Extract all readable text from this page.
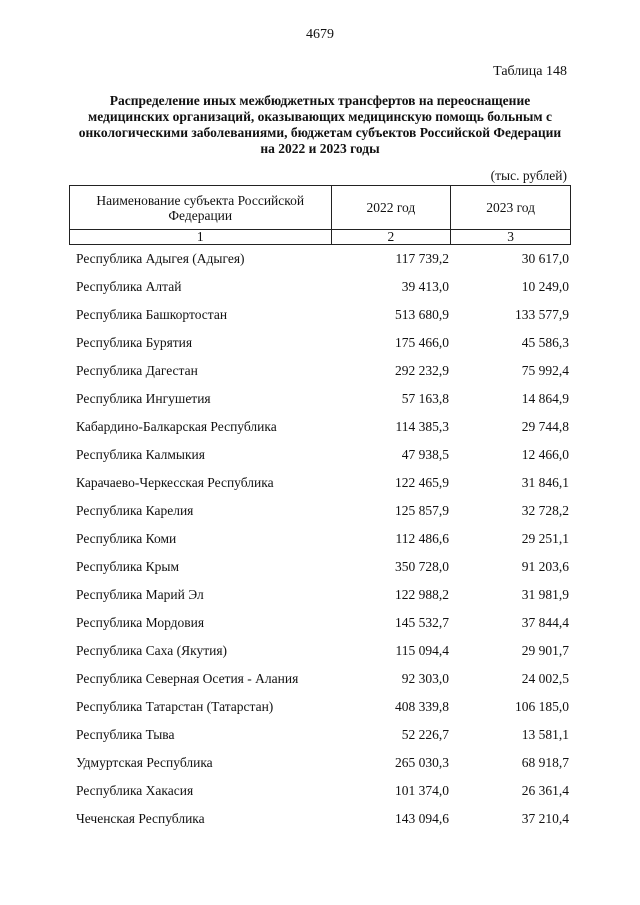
4679
Таблица 148
Распределение иных межбюджетных трансфертов на переоснащение медицинских организаций, оказывающих медицинскую помощь больным с онкологическими заболеваниями, бюджетам субъектов Российской Федерации на 2022 и 2023 годы
(тыс. рублей)
Наименование субъекта Российской Федерации	2022 год	2023 год
1	2	3
Республика Адыгея (Адыгея)	117 739,2	30 617,0
Республика Алтай	39 413,0	10 249,0
Республика Башкортостан	513 680,9	133 577,9
Республика Бурятия	175 466,0	45 586,3
Республика Дагестан	292 232,9	75 992,4
Республика Ингушетия	57 163,8	14 864,9
Кабардино-Балкарская Республика	114 385,3	29 744,8
Республика Калмыкия	47 938,5	12 466,0
Карачаево-Черкесская Республика	122 465,9	31 846,1
Республика Карелия	125 857,9	32 728,2
Республика Коми	112 486,6	29 251,1
Республика Крым	350 728,0	91 203,6
Республика Марий Эл	122 988,2	31 981,9
Республика Мордовия	145 532,7	37 844,4
Республика Саха (Якутия)	115 094,4	29 901,7
Республика Северная Осетия - Алания	92 303,0	24 002,5
Республика Татарстан (Татарстан)	408 339,8	106 185,0
Республика Тыва	52 226,7	13 581,1
Удмуртская Республика	265 030,3	68 918,7
Республика Хакасия	101 374,0	26 361,4
Чеченская Республика	143 094,6	37 210,4
